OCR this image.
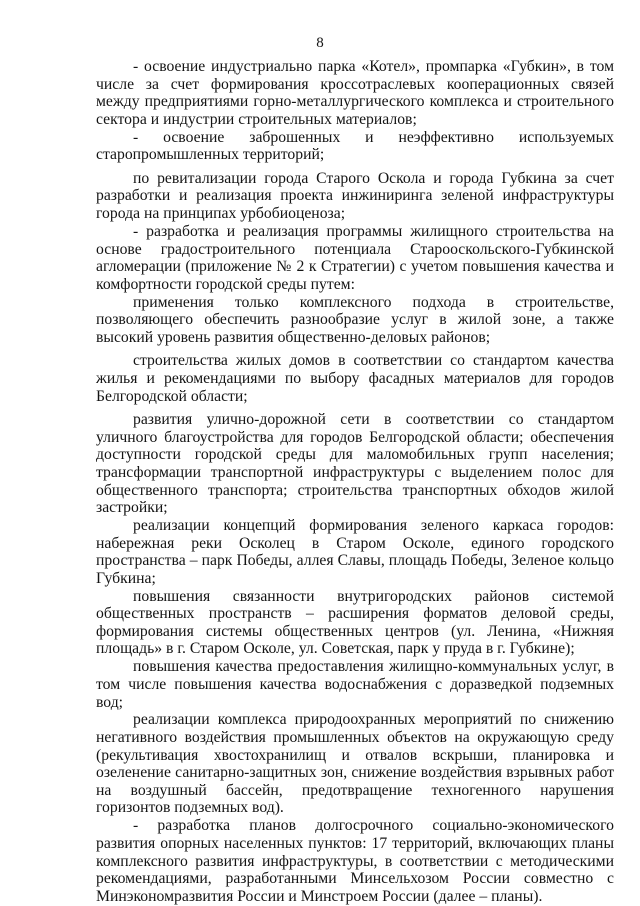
8

- освоение индустриально парка «Котел», промпарка «Губкин», в том числе за счет формирования кроссотраслевых кооперационных связей между предприятиями горно-металлургического комплекса и строительного сектора и индустрии строительных материалов;

- освоение заброшенных и неэффективно используемых старопромышленных территорий;

по ревитализации города Старого Оскола и города Губкина за счет разработки и реализация проекта инжиниринга зеленой инфраструктуры города на принципах урбобиоценоза;

- разработка и реализация программы жилищного строительства на основе градостроительного потенциала Старооскольского-Губкинской агломерации (приложение № 2 к Стратегии) с учетом повышения качества и комфортности городской среды путем:

применения только комплексного подхода в строительстве, позволяющего обеспечить разнообразие услуг в жилой зоне, а также высокий уровень развития общественно-деловых районов;

строительства жилых домов в соответствии со стандартом качества жилья и рекомендациями по выбору фасадных материалов для городов Белгородской области;

развития улично-дорожной сети в соответствии со стандартом уличного благоустройства для городов Белгородской области; обеспечения доступности городской среды для маломобильных групп населения; трансформации транспортной инфраструктуры с выделением полос для общественного транспорта; строительства транспортных обходов жилой застройки;

реализации концепций формирования зеленого каркаса городов: набережная реки Осколец в Старом Осколе, единого городского пространства – парк Победы, аллея Славы, площадь Победы, Зеленое кольцо Губкина;

повышения связанности внутригородских районов системой общественных пространств – расширения форматов деловой среды, формирования системы общественных центров (ул. Ленина, «Нижняя площадь» в г. Старом Осколе, ул. Советская, парк у пруда в г. Губкине);

повышения качества предоставления жилищно-коммунальных услуг, в том числе повышения качества водоснабжения с доразведкой подземных вод;

реализации комплекса природоохранных мероприятий по снижению негативного воздействия промышленных объектов на окружающую среду (рекультивация хвостохранилищ и отвалов вскрыши, планировка и озеленение санитарно-защитных зон, снижение воздействия взрывных работ на воздушный бассейн, предотвращение техногенного нарушения горизонтов подземных вод).

- разработка планов долгосрочного социально-экономического развития опорных населенных пунктов: 17 территорий, включающих планы комплексного развития инфраструктуры, в соответствии с методическими рекомендациями, разработанными Минсельхозом России совместно с Минэкономразвития России и Минстроем России (далее – планы).
